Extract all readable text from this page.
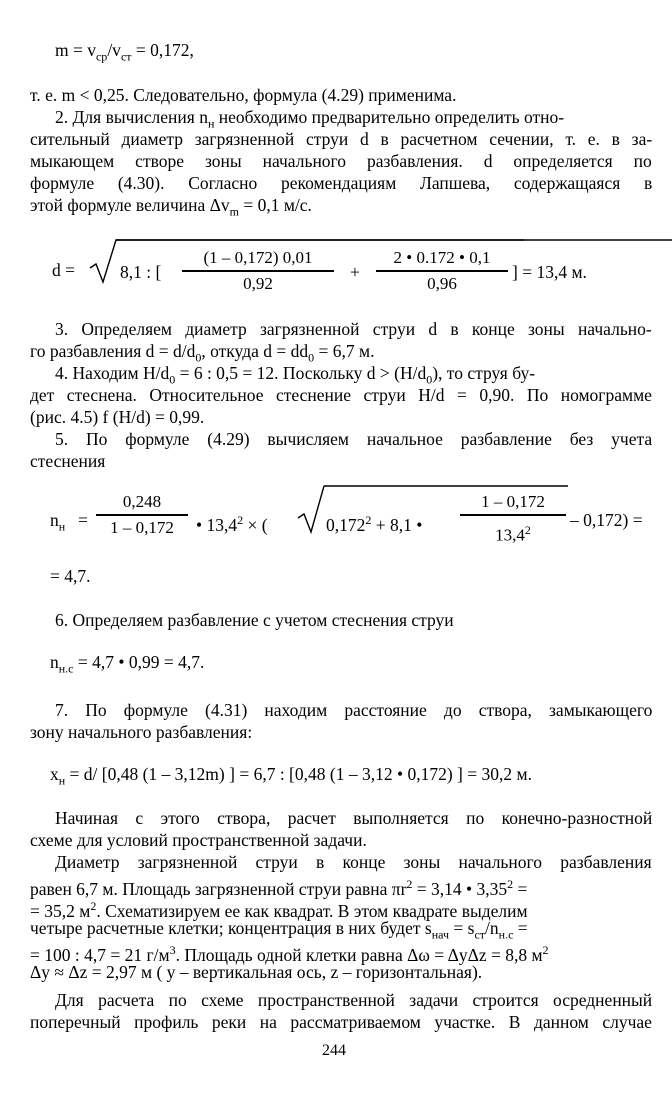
$m = v_{ср}/v_{ст} = 0,172$,
т. е. m < 0,25. Следовательно, формула (4.29) применима.
2. Для вычисления $n_н$ необходимо предварительно определить отно-
сительный диаметр загрязненной струи d в расчетном сечении, т. е. в за-
мыкающем створе зоны начального разбавления. d определяется по
формуле (4.30). Согласно рекомендациям Лапшева, содержащаяся в
этой формуле величина $\Delta v_m = 0,1$ м/с.
d =	8,1 : [
(1 – 0,172) 0,01
0,92
+
2 • 0.172 • 0,1
0,96
] = 13,4 м.
3. Определяем диаметр загрязненной струи d в конце зоны начально-
го разбавления $d = d/d_0$, откуда $d = dd_0 = 6,7$ м.
4. Находим $H/d_0 = 6$ : 0,5 = 12. Поскольку $d > (H/d_0)$, то струя бу-
дет стеснена. Относительное стеснение струи H/d = 0,90. По номограмме
(рис. 4.5) f (H/d) = 0,99.
5. По формуле (4.29) вычисляем начальное разбавление без учета
стеснения
$n_н$ =
0,248
1 – 0,172	• $13,4^2$ × (	$0,172^2 + 8,1$ •
1 – 0,172
13,4$^2$	– 0,172) =
= 4,7.
6. Определяем разбавление с учетом стеснения струи
$n_{н.с} = 4,7$ • 0,99 = 4,7.
7. По формуле (4.31) находим расстояние до створа, замыкающего
зону начального разбавления:
$x_н = d/$ [0,48 (1 – 3,12m) ] = 6,7 : [0,48 (1 – 3,12 • 0,172) ] = 30,2 м.
Начиная с этого створа, расчет выполняется по конечно-разностной
схеме для условий пространственной задачи.
Диаметр загрязненной струи в конце зоны начального разбавления
равен 6,7 м. Площадь загрязненной струи равна $\pi r^2 = 3,14$ • $3,35^2$ =
= 35,2 $м^2$. Схематизируем ее как квадрат. В этом квадрате выделим
четыре расчетные клетки; концентрация в них будет $s_{нач} = s_{ст}/n_{н.с}$ =
= 100 : 4,7 = 21 $г/м^3$. Площадь одной клетки равна Δω = ΔyΔz = 8,8 $м^2$
Δy ≈ Δz = 2,97 м ( y – вертикальная ось, z – горизонтальная).
Для расчета по схеме пространственной задачи строится осредненный
поперечный профиль реки на рассматриваемом участке. В данном случае
244
